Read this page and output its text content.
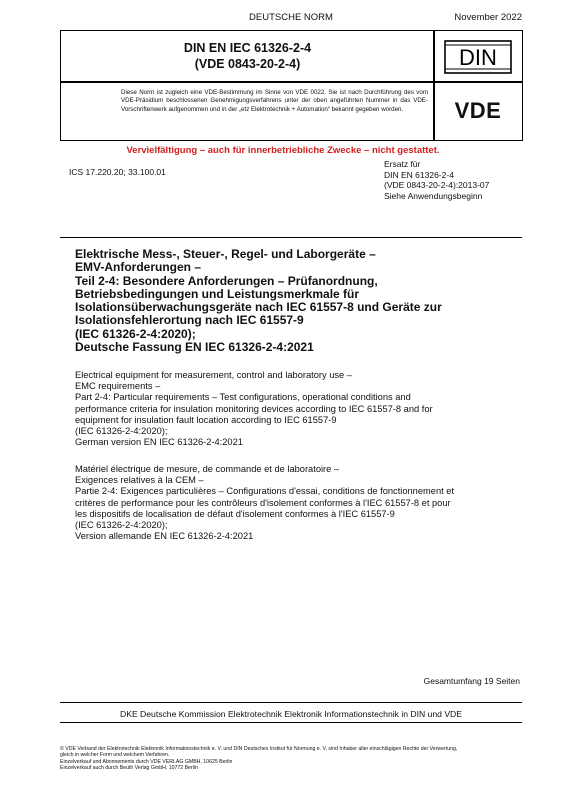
DEUTSCHE NORM	November 2022
DIN EN IEC 61326-2-4
(VDE 0843-20-2-4)	DIN

Diese Norm ist zugleich eine VDE-Bestimmung im Sinne von VDE 0022. Sie ist nach Durchführung des vom VDE-Präsidium beschlossenen Genehmigungsverfahrens unter der oben angeführten Nummer in das VDE-Vorschriftenwerk aufgenommen und in der „etz Elektrotechnik + Automation“ bekannt gegeben worden.	VDE
Vervielfältigung – auch für innerbetriebliche Zwecke – nicht gestattet.
ICS 17.220.20; 33.100.01
Ersatz für
DIN EN 61326-2-4
(VDE 0843-20-2-4):2013-07
Siehe Anwendungsbeginn
Elektrische Mess-, Steuer-, Regel- und Laborgeräte –
EMV-Anforderungen –
Teil 2-4: Besondere Anforderungen – Prüfanordnung,
Betriebsbedingungen und Leistungsmerkmale für
Isolationsüberwachungsgeräte nach IEC 61557-8 und Geräte zur
Isolationsfehlerortung nach IEC 61557-9
(IEC 61326-2-4:2020);
Deutsche Fassung EN IEC 61326-2-4:2021
Electrical equipment for measurement, control and laboratory use –
EMC requirements –
Part 2-4: Particular requirements – Test configurations, operational conditions and
performance criteria for insulation monitoring devices according to IEC 61557-8 and for
equipment for insulation fault location according to IEC 61557-9
(IEC 61326-2-4:2020);
German version EN IEC 61326-2-4:2021
Matériel électrique de mesure, de commande et de laboratoire –
Exigences relatives à la CEM –
Partie 2-4: Exigences particulières – Configurations d'essai, conditions de fonctionnement et
critères de performance pour les contrôleurs d'isolement conformes à l'IEC 61557-8 et pour
les dispositifs de localisation de défaut d'isolement conformes à l'IEC 61557-9
(IEC 61326-2-4:2020);
Version allemande EN IEC 61326-2-4:2021
Gesamtumfang 19 Seiten
DKE Deutsche Kommission Elektrotechnik Elektronik Informationstechnik in DIN und VDE
© VDE Verband der Elektrotechnik Elektronik Informationstechnik e. V. und DIN Deutsches Institut für Normung e. V. sind Inhaber aller einschlägigen Rechte der Verwertung,
gleich in welcher Form und welchem Verfahren.
Einzelverkauf und Abonnements durch VDE VERLAG GMBH, 10625 Berlin
Einzelverkauf auch durch Beuth Verlag GmbH, 10772 Berlin
